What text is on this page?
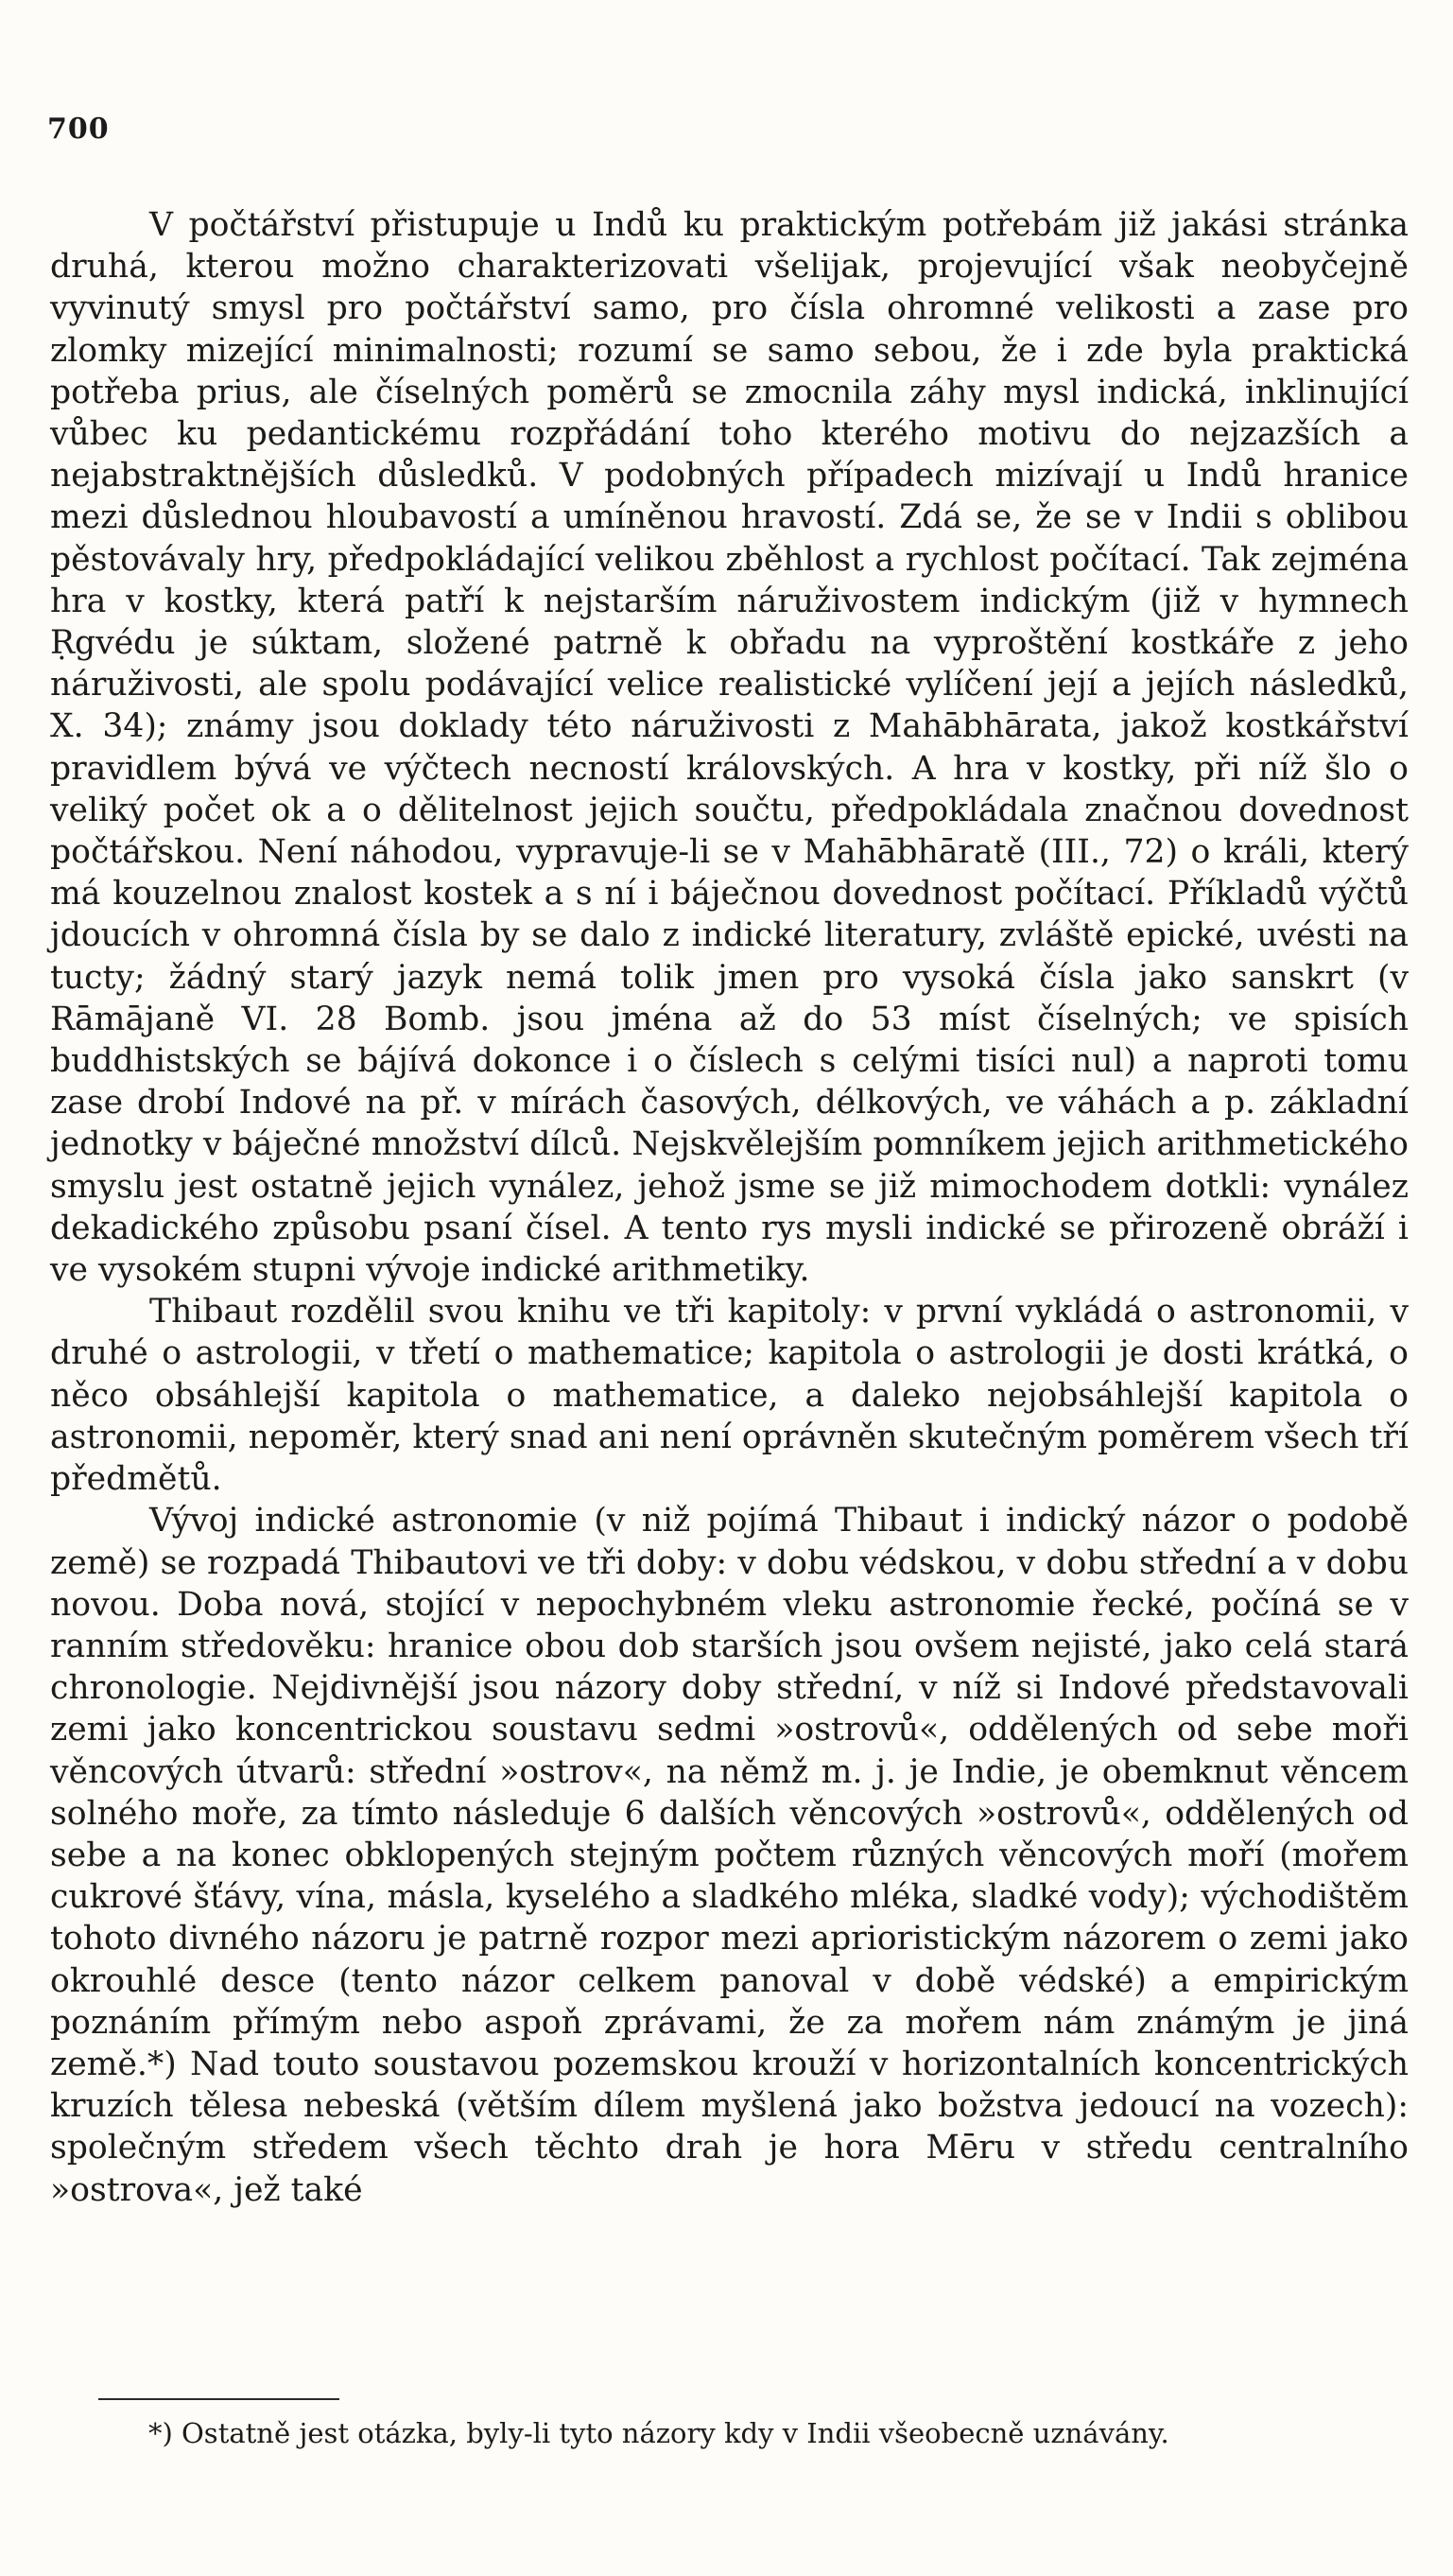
700

V počtářství přistupuje u Indů ku praktickým potřebám již jakási stránka druhá, kterou možno charakterizovati všelijak, projevující však neobyčejně vyvinutý smysl pro počtářství samo, pro čísla ohromné velikosti a zase pro zlomky mizející minimalnosti; rozumí se samo sebou, že i zde byla praktická potřeba prius, ale číselných poměrů se zmocnila záhy mysl indická, inklinující vůbec ku pedantickému rozpřádání toho kterého motivu do nejzazších a nejabstraktnějších důsledků. V podobných případech mizívají u Indů hranice mezi důslednou hloubavostí a umíněnou hravostí. Zdá se, že se v Indii s oblibou pěstovávaly hry, předpokládající velikou zběhlost a rychlost počítací. Tak zejména hra v kostky, která patří k nejstarším náruživostem indickým (již v hymnech Ṛgvédu je súktam, složené patrně k obřadu na vyproštění kostkáře z jeho náruživosti, ale spolu podávající velice realistické vylíčení její a jejích následků, X. 34); známy jsou doklady této náruživosti z Mahābhārata, jakož kostkářství pravidlem bývá ve výčtech necností královských. A hra v kostky, při níž šlo o veliký počet ok a o dělitelnost jejich součtu, předpokládala značnou dovednost počtářskou. Není náhodou, vypravuje-li se v Mahābhāratě (III., 72) o králi, který má kouzelnou znalost kostek a s ní i báječnou dovednost počítací. Příkladů výčtů jdoucích v ohromná čísla by se dalo z indické literatury, zvláště epické, uvésti na tucty; žádný starý jazyk nemá tolik jmen pro vysoká čísla jako sanskrt (v Rāmājaně VI. 28 Bomb. jsou jména až do 53 míst číselných; ve spisích buddhistských se bájívá dokonce i o číslech s celými tisíci nul) a naproti tomu zase drobí Indové na př. v mírách časových, délkových, ve váhách a p. základní jednotky v báječné množství dílců. Nejskvělejším pomníkem jejich arithmetického smyslu jest ostatně jejich vynález, jehož jsme se již mimochodem dotkli: vynález dekadického způsobu psaní čísel. A tento rys mysli indické se přirozeně obráží i ve vysokém stupni vývoje indické arithmetiky.

Thibaut rozdělil svou knihu ve tři kapitoly: v první vykládá o astronomii, v druhé o astrologii, v třetí o mathematice; kapitola o astrologii je dosti krátká, o něco obsáhlejší kapitola o mathematice, a daleko nejobsáhlejší kapitola o astronomii, nepoměr, který snad ani není oprávněn skutečným poměrem všech tří předmětů.

Vývoj indické astronomie (v niž pojímá Thibaut i indický názor o podobě země) se rozpadá Thibautovi ve tři doby: v dobu védskou, v dobu střední a v dobu novou. Doba nová, stojící v nepochybném vleku astronomie řecké, počíná se v ranním středověku: hranice obou dob starších jsou ovšem nejisté, jako celá stará chronologie. Nejdivnější jsou názory doby střední, v níž si Indové představovali zemi jako koncentrickou soustavu sedmi »ostrovů«, oddělených od sebe moři věncových útvarů: střední »ostrov«, na němž m. j. je Indie, je obemknut věncem solného moře, za tímto následuje 6 dalších věncových »ostrovů«, oddělených od sebe a na konec obklopených stejným počtem různých věncových moří (mořem cukrové šťávy, vína, másla, kyselého a sladkého mléka, sladké vody); východištěm tohoto divného názoru je patrně rozpor mezi aprioristickým názorem o zemi jako okrouhlé desce (tento názor celkem panoval v době védské) a empirickým poznáním přímým nebo aspoň zprávami, že za mořem nám známým je jiná země.*) Nad touto soustavou pozemskou krouží v horizontalních koncentrických kruzích tělesa nebeská (větším dílem myšlená jako božstva jedoucí na vozech): společným středem všech těchto drah je hora Mēru v středu centralního »ostrova«, jež také

*) Ostatně jest otázka, byly-li tyto názory kdy v Indii všeobecně uznávány.
